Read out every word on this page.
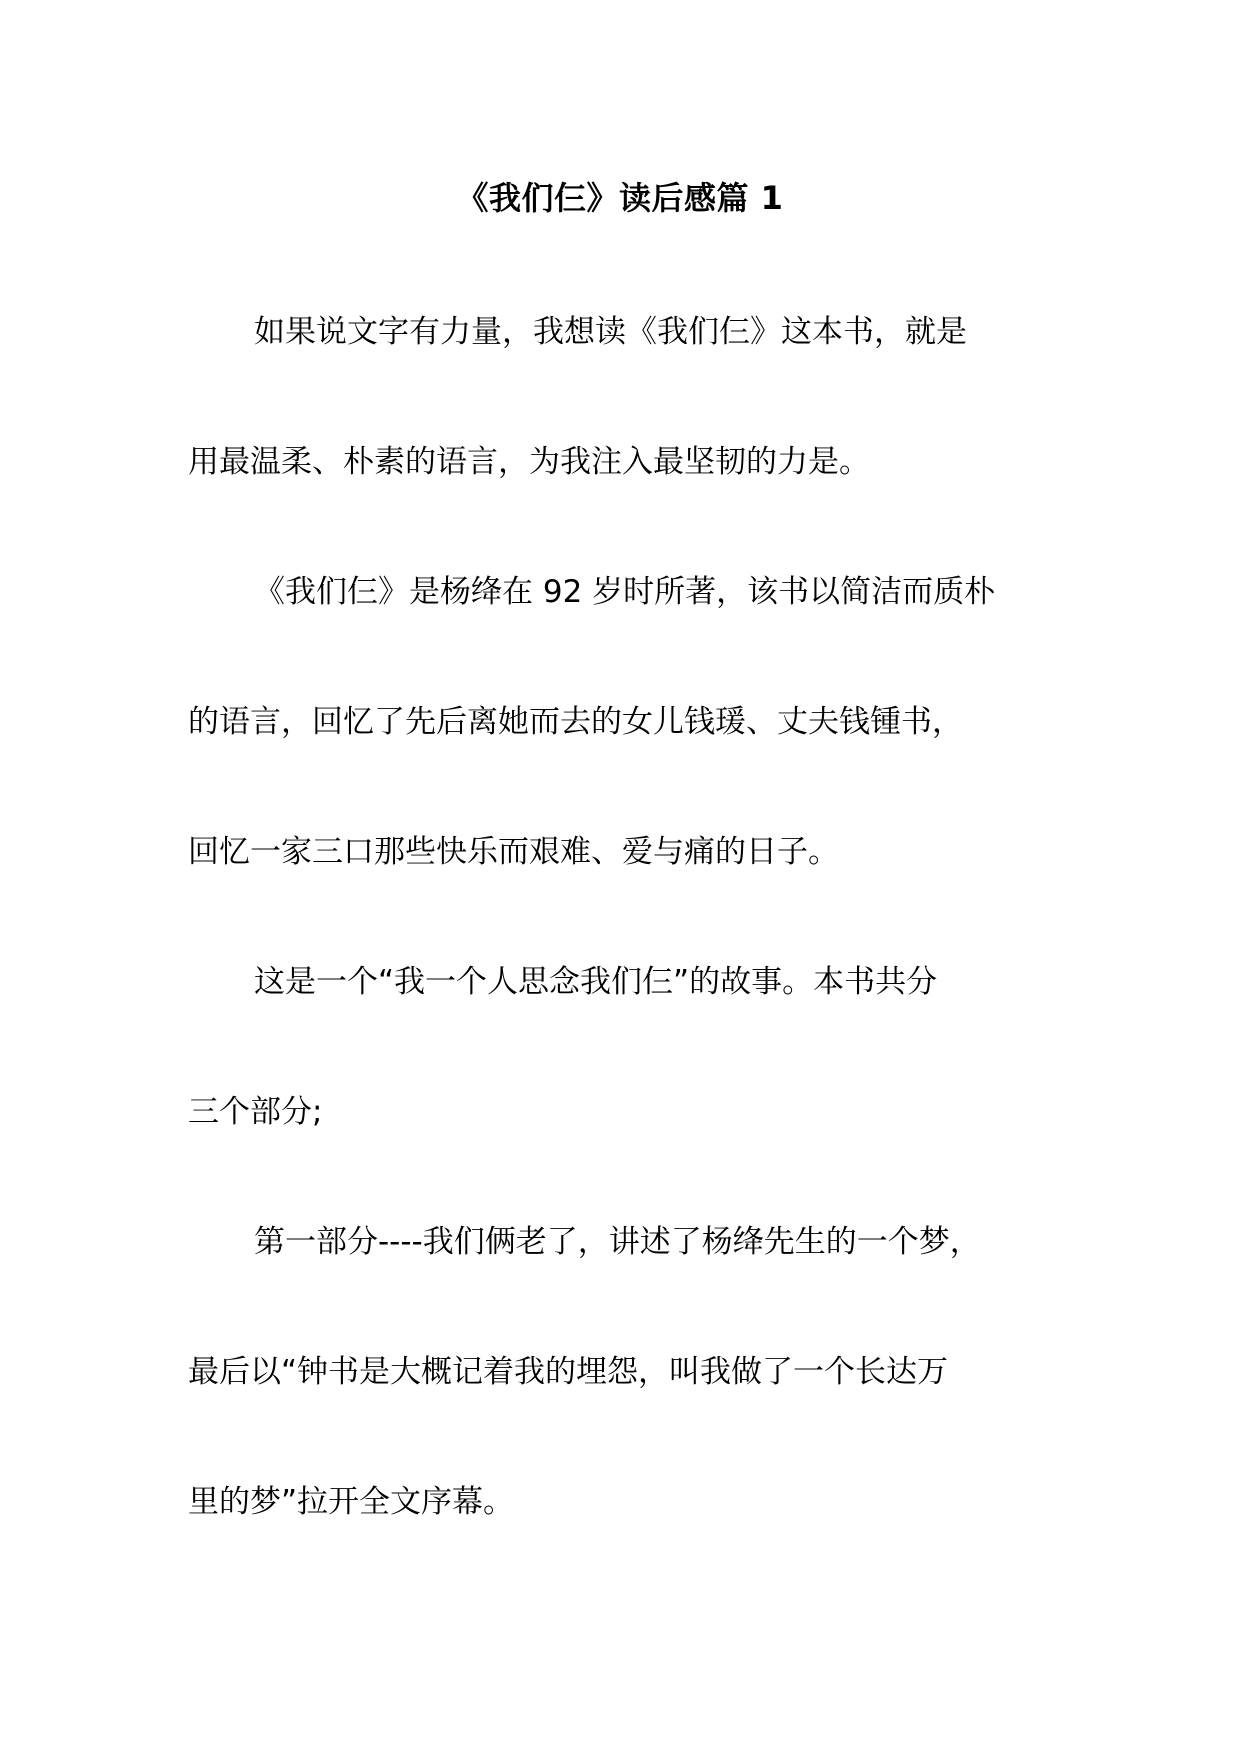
《我们仨》读后感篇 1
如果说文字有力量，我想读《我们仨》这本书，就是
用最温柔、朴素的语言，为我注入最坚韧的力是。
《我们仨》是杨绛在 92 岁时所著，该书以简洁而质朴
的语言，回忆了先后离她而去的女儿钱瑗、丈夫钱锺书，
回忆一家三口那些快乐而艰难、爱与痛的日子。
这是一个“我一个人思念我们仨”的故事。本书共分
三个部分;
第一部分----我们俩老了，讲述了杨绛先生的一个梦，
最后以“钟书是大概记着我的埋怨，叫我做了一个长达万
里的梦”拉开全文序幕。
